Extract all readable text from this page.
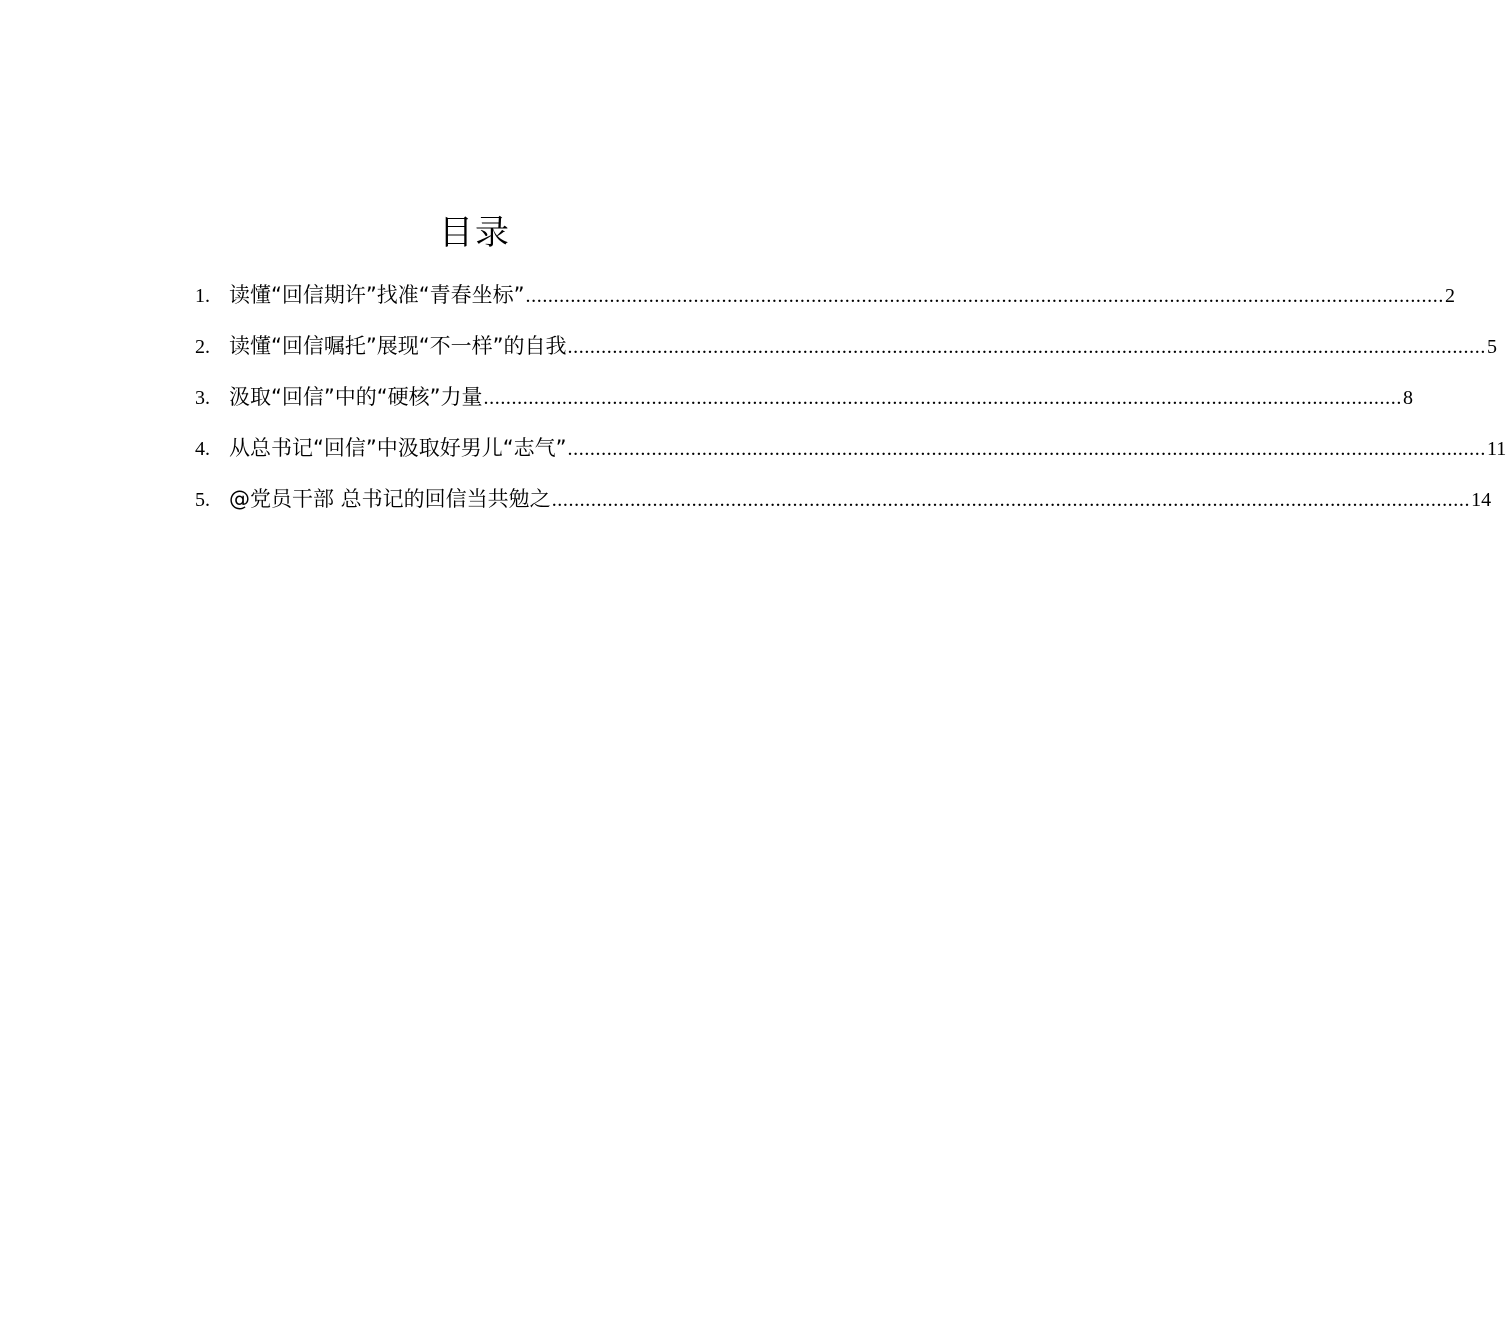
目录
1. 读懂“回信期许”找准“青春坐标” .................................................................................................................................................................... 2
2. 读懂“回信嘱托”展现“不一样”的自我 .................................................................................................................................................................... 5
3. 汲取“回信”中的“硬核”力量 .................................................................................................................................................................... 8
4. 从总书记“回信”中汲取好男儿“志气” .................................................................................................................................................................... 11
5. @党员干部 总书记的回信当共勉之 .................................................................................................................................................................... 14
